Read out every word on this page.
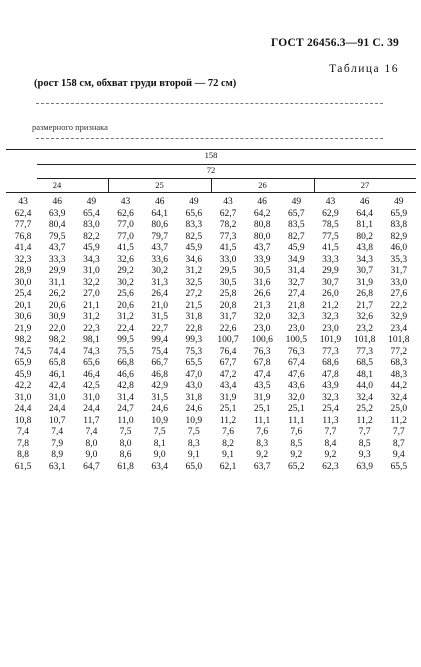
ГОСТ 26456.3—91 С. 39
Таблица 16
(рост 158 см, обхват груди второй — 72 см)
размерного признака
158
72
24	25	26	27
43	46	49	43	46	49	43	46	49	43	46	49
62,4	63,9	65,4	62,6	64,1	65,6	62,7	64,2	65,7	62,9	64,4	65,9
77,7	80,4	83,0	77,0	80,6	83,3	78,2	80,8	83,5	78,5	81,1	83,8
76,8	79,5	82,2	77,0	79,7	82,5	77,3	80,0	82,7	77,5	80,2	82,9
41,4	43,7	45,9	41,5	43,7	45,9	41,5	43,7	45,9	41,5	43,8	46,0
32,3	33,3	34,3	32,6	33,6	34,6	33,0	33,9	34,9	33,3	34,3	35,3
28,9	29,9	31,0	29,2	30,2	31,2	29,5	30,5	31,4	29,9	30,7	31,7
30,0	31,1	32,2	30,2	31,3	32,5	30,5	31,6	32,7	30,7	31,9	33,0
25,4	26,2	27,0	25,6	26,4	27,2	25,8	26,6	27,4	26,0	26,8	27,6
20,1	20,6	21,1	20,6	21,0	21,5	20,8	21,3	21,8	21,2	21,7	22,2
30,6	30,9	31,2	31,2	31,5	31,8	31,7	32,0	32,3	32,3	32,6	32,9
21,9	22,0	22,3	22,4	22,7	22,8	22,6	23,0	23,0	23,0	23,2	23,4
98,2	98,2	98,1	99,5	99,4	99,3	100,7	100,6	100,5	101,9	101,8	101,8
74,5	74,4	74,3	75,5	75,4	75,3	76,4	76,3	76,3	77,3	77,3	77,2
65,9	65,8	65,6	66,8	66,7	65,5	67,7	67,8	67,4	68,6	68,5	68,3
45,9	46,1	46,4	46,6	46,8	47,0	47,2	47,4	47,6	47,8	48,1	48,3
42,2	42,4	42,5	42,8	42,9	43,0	43,4	43,5	43,6	43,9	44,0	44,2
31,0	31,0	31,0	31,4	31,5	31,8	31,9	31,9	32,0	32,3	32,4	32,4
24,4	24,4	24,4	24,7	24,6	24,6	25,1	25,1	25,1	25,4	25,2	25,0
10,8	10,7	11,7	11,0	10,9	10,9	11,2	11,1	11,1	11,3	11,2	11,2
7,4	7,4	7,4	7,5	7,5	7,5	7,6	7,6	7,6	7,7	7,7	7,7
7,8	7,9	8,0	8,0	8,1	8,3	8,2	8,3	8,5	8,4	8,5	8,7
8,8	8,9	9,0	8,6	9,0	9,1	9,1	9,2	9,2	9,2	9,3	9,4
61,5	63,1	64,7	61,8	63,4	65,0	62,1	63,7	65,2	62,3	63,9	65,5
